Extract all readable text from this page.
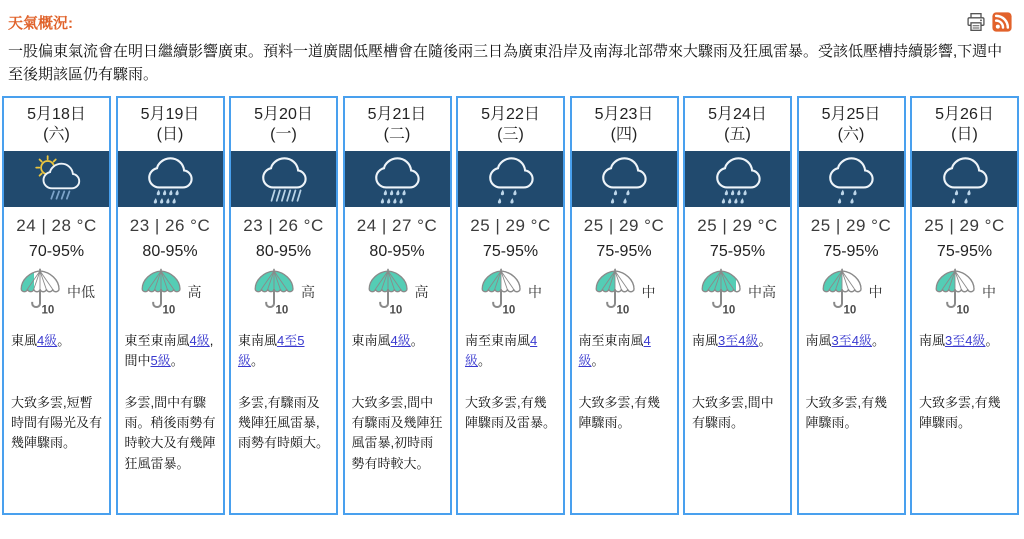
天氣概況:
一股偏東氣流會在明日繼續影響廣東。預料一道廣闊低壓槽會在隨後兩三日為廣東沿岸及南海北部帶來大驟雨及狂風雷暴。受該低壓槽持續影響,下週中至後期該區仍有驟雨。
5月18日
(六)
24 | 28 °C
70-95%
10
中低
東風4級。
大致多雲,短暫時間有陽光及有幾陣驟雨。
5月19日
(日)
23 | 26 °C
80-95%
10
高
東至東南風4級,間中5級。
多雲,間中有驟雨。稍後雨勢有時較大及有幾陣狂風雷暴。
5月20日
(一)
23 | 26 °C
80-95%
10
高
東南風4至5級。
多雲,有驟雨及幾陣狂風雷暴,雨勢有時頗大。
5月21日
(二)
24 | 27 °C
80-95%
10
高
東南風4級。
大致多雲,間中有驟雨及幾陣狂風雷暴,初時雨勢有時較大。
5月22日
(三)
25 | 29 °C
75-95%
10
中
南至東南風4級。
大致多雲,有幾陣驟雨及雷暴。
5月23日
(四)
25 | 29 °C
75-95%
10
中
南至東南風4級。
大致多雲,有幾陣驟雨。
5月24日
(五)
25 | 29 °C
75-95%
10
中高
南風3至4級。
大致多雲,間中有驟雨。
5月25日
(六)
25 | 29 °C
75-95%
10
中
南風3至4級。
大致多雲,有幾陣驟雨。
5月26日
(日)
25 | 29 °C
75-95%
10
中
南風3至4級。
大致多雲,有幾陣驟雨。
